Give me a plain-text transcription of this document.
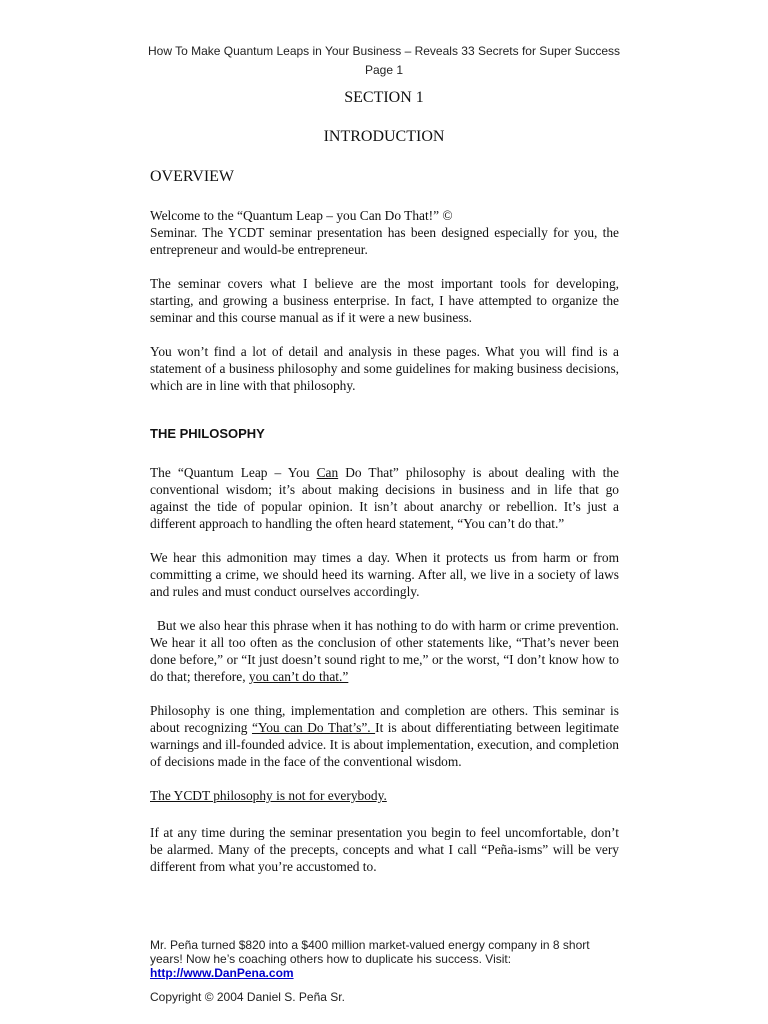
How To Make Quantum Leaps in Your Business – Reveals 33 Secrets for Super Success
Page 1
SECTION 1
INTRODUCTION
OVERVIEW

Welcome to the “Quantum Leap – you Can Do That!” ©
Seminar. The YCDT seminar presentation has been designed especially for you, the entrepreneur and would-be entrepreneur.

The seminar covers what I believe are the most important tools for developing, starting, and growing a business enterprise. In fact, I have attempted to organize the seminar and this course manual as if it were a new business.

You won’t find a lot of detail and analysis in these pages. What you will find is a statement of a business philosophy and some guidelines for making business decisions, which are in line with that philosophy.

THE PHILOSOPHY

The “Quantum Leap – You Can Do That” philosophy is about dealing with the conventional wisdom; it’s about making decisions in business and in life that go against the tide of popular opinion. It isn’t about anarchy or rebellion. It’s just a different approach to handling the often heard statement, “You can’t do that.”

We hear this admonition may times a day. When it protects us from harm or from committing a crime, we should heed its warning. After all, we live in a society of laws and rules and must conduct ourselves accordingly.

But we also hear this phrase when it has nothing to do with harm or crime prevention. We hear it all too often as the conclusion of other statements like, “That’s never been done before,” or “It just doesn’t sound right to me,” or the worst, “I don’t know how to do that; therefore, you can’t do that.”

Philosophy is one thing, implementation and completion are others. This seminar is about recognizing “You can Do That’s”. It is about differentiating between legitimate warnings and ill-founded advice. It is about implementation, execution, and completion of decisions made in the face of the conventional wisdom.

The YCDT philosophy is not for everybody.

If at any time during the seminar presentation you begin to feel uncomfortable, don’t be alarmed. Many of the precepts, concepts and what I call “Peña-isms” will be very different from what you’re accustomed to.

Mr. Peña turned $820 into a $400 million market-valued energy company in 8 short years! Now he’s coaching others how to duplicate his success. Visit:
http://www.DanPena.com
Copyright © 2004 Daniel S. Peña Sr.
